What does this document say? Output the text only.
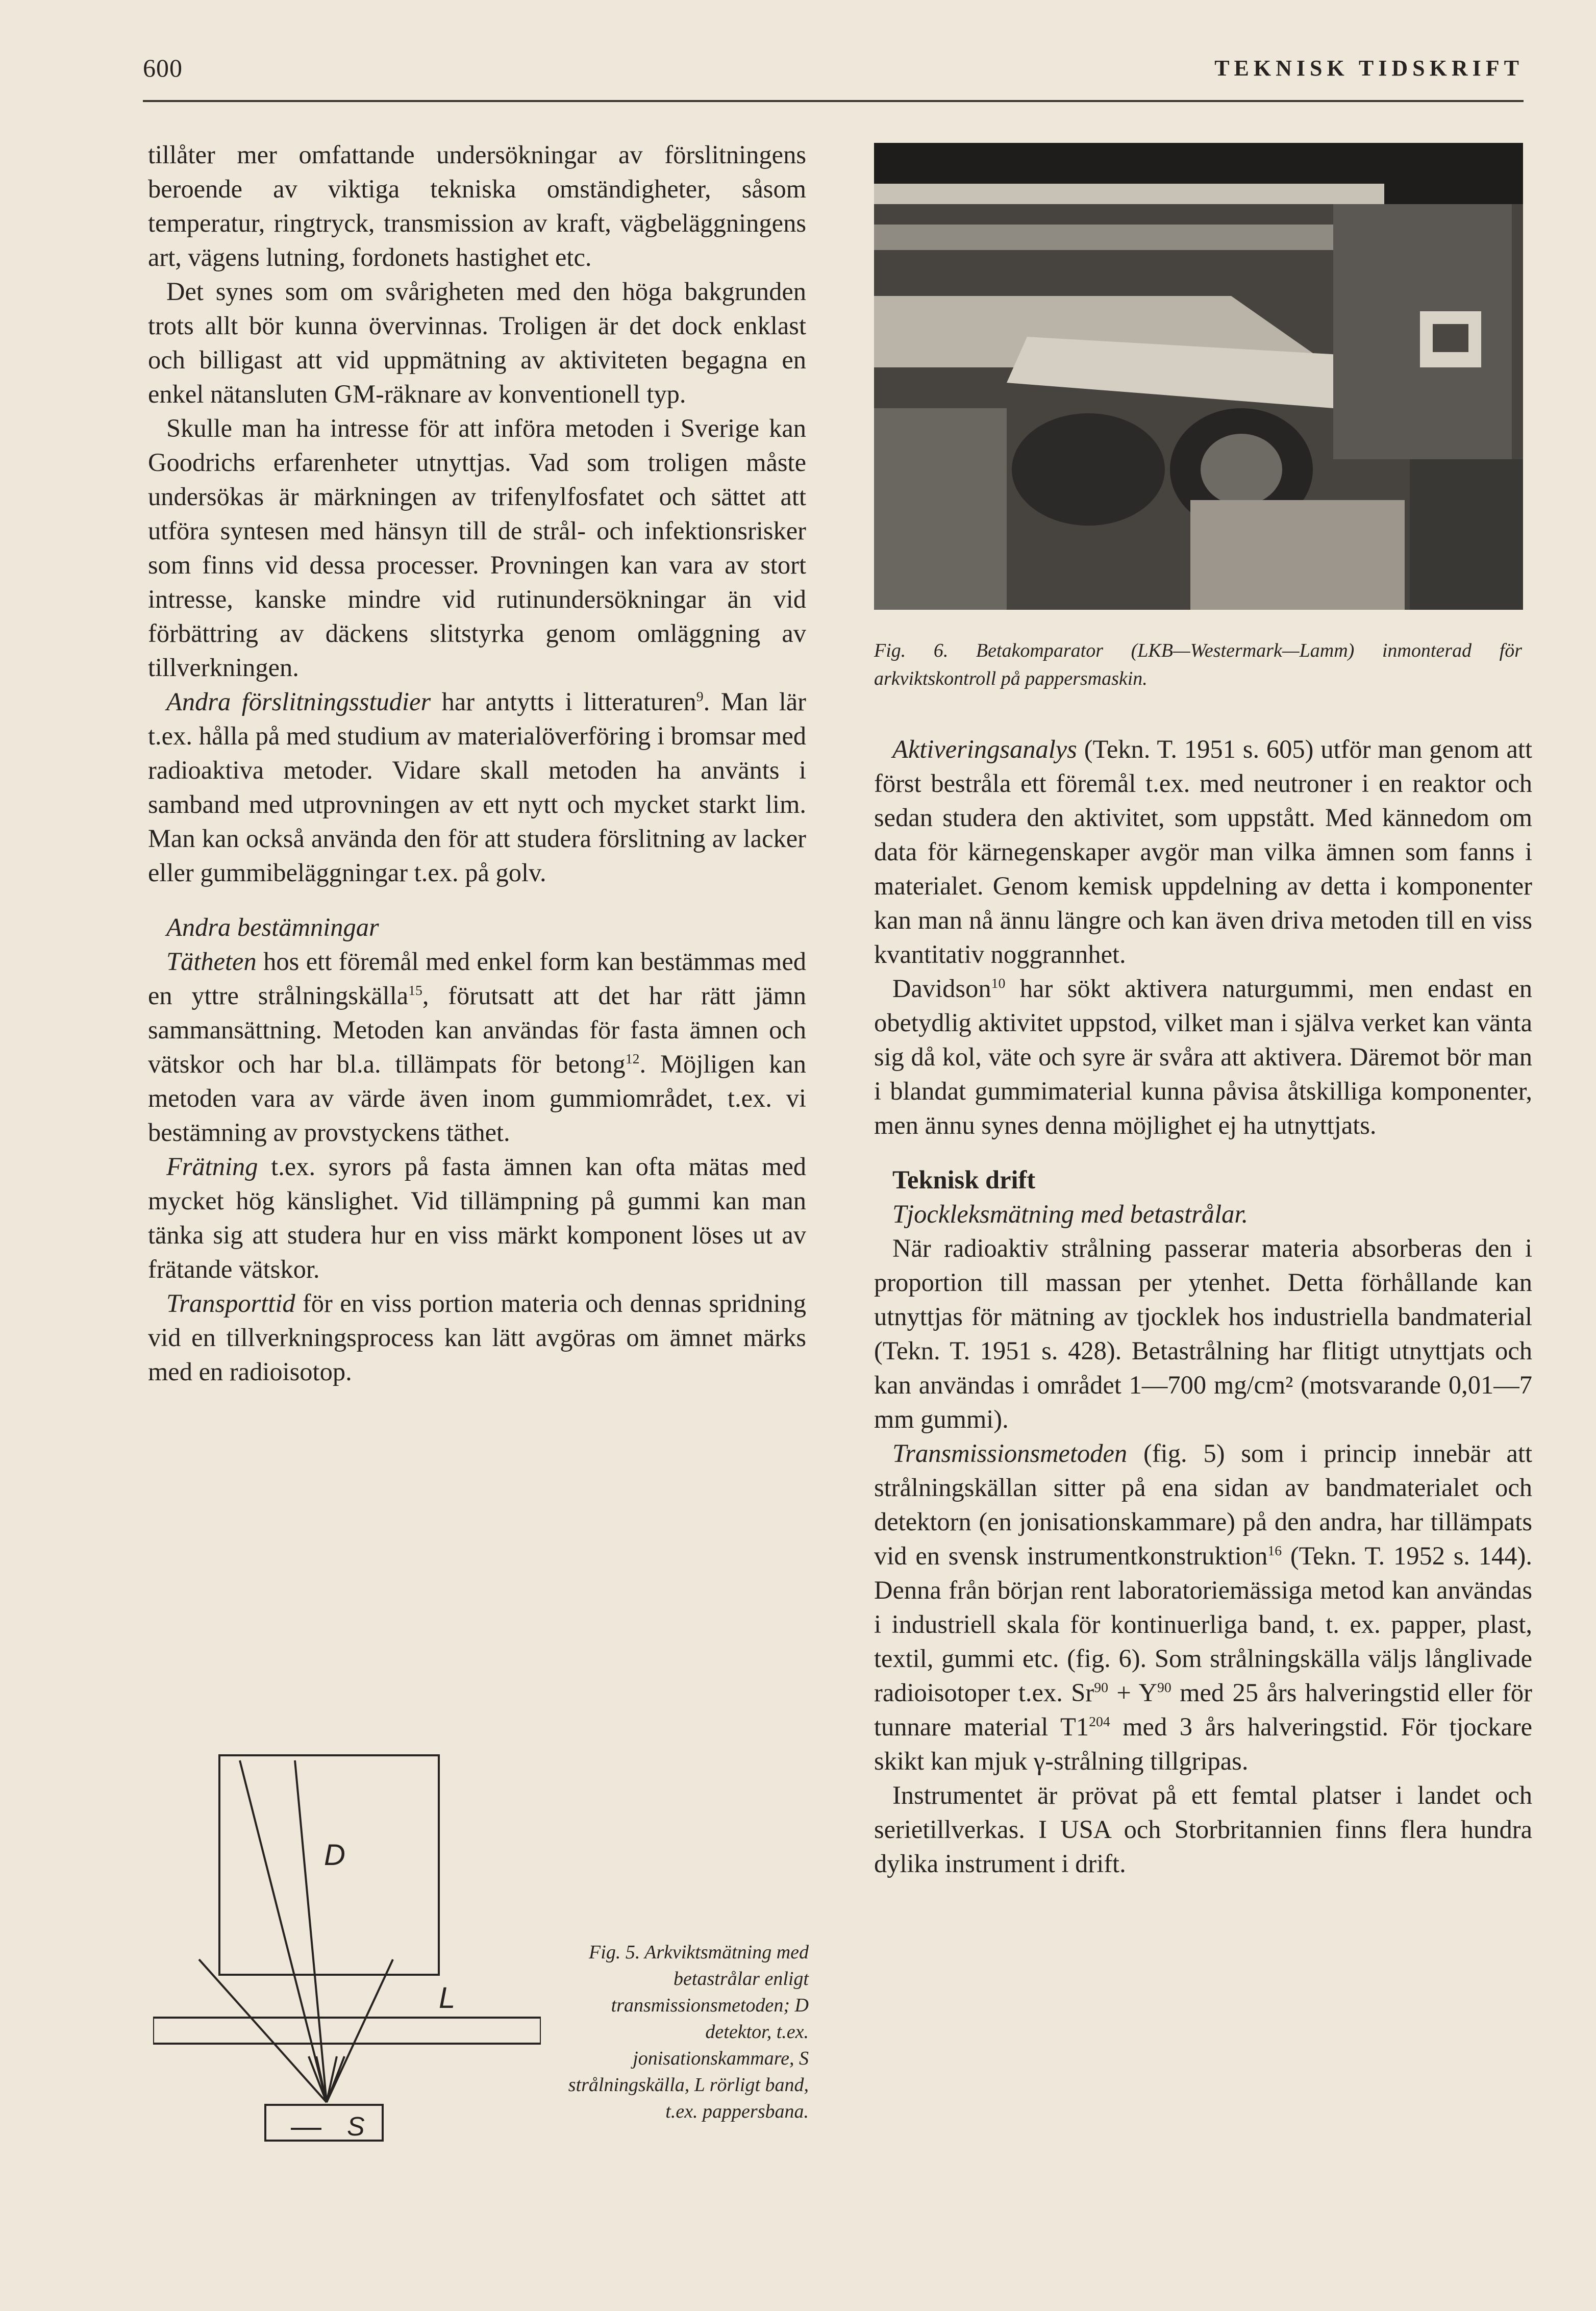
600	TEKNISK TIDSKRIFT

tillåter mer omfattande undersökningar av förslitningens beroende av viktiga tekniska omständigheter, såsom temperatur, ringtryck, transmission av kraft, vägbeläggningens art, vägens lutning, fordonets hastighet etc.

Det synes som om svårigheten med den höga bakgrunden trots allt bör kunna övervinnas. Troligen är det dock enklast och billigast att vid uppmätning av aktiviteten begagna en enkel nätansluten GM-räknare av konventionell typ.

Skulle man ha intresse för att införa metoden i Sverige kan Goodrichs erfarenheter utnyttjas. Vad som troligen måste undersökas är märkningen av trifenylfosfatet och sättet att utföra syntesen med hänsyn till de strål- och infektionsrisker som finns vid dessa processer. Provningen kan vara av stort intresse, kanske mindre vid rutinundersökningar än vid förbättring av däckens slitstyrka genom omläggning av tillverkningen.

Andra förslitningsstudier har antytts i litteraturen$^9$. Man lär t.ex. hålla på med studium av materialöverföring i bromsar med radioaktiva metoder. Vidare skall metoden ha använts i samband med utprovningen av ett nytt och mycket starkt lim. Man kan också använda den för att studera förslitning av lacker eller gummibeläggningar t.ex. på golv.

Andra bestämningar

Tätheten hos ett föremål med enkel form kan bestämmas med en yttre strålningskälla$^{15}$, förutsatt att det har rätt jämn sammansättning. Metoden kan användas för fasta ämnen och vätskor och har bl.a. tillämpats för betong$^{12}$. Möjligen kan metoden vara av värde även inom gummiområdet, t.ex. vi bestämning av provstyckens täthet.

Frätning t.ex. syrors på fasta ämnen kan ofta mätas med mycket hög känslighet. Vid tillämpning på gummi kan man tänka sig att studera hur en viss märkt komponent löses ut av frätande vätskor.

Transporttid för en viss portion materia och dennas spridning vid en tillverkningsprocess kan lätt avgöras om ämnet märks med en radioisotop.

D
L
S
Fig. 5. Arkviktsmätning med betastrålar enligt transmissionsmetoden; D detektor, t.ex. jonisationskammare, S strålningskälla, L rörligt band, t.ex. pappersbana.
Fig. 6. Betakomparator (LKB—Westermark—Lamm) inmonterad för arkviktskontroll på pappersmaskin.

Aktiveringsanalys (Tekn. T. 1951 s. 605) utför man genom att först bestråla ett föremål t.ex. med neutroner i en reaktor och sedan studera den aktivitet, som uppstått. Med kännedom om data för kärnegenskaper avgör man vilka ämnen som fanns i materialet. Genom kemisk uppdelning av detta i komponenter kan man nå ännu längre och kan även driva metoden till en viss kvantitativ noggrannhet.

Davidson$^{10}$ har sökt aktivera naturgummi, men endast en obetydlig aktivitet uppstod, vilket man i själva verket kan vänta sig då kol, väte och syre är svåra att aktivera. Däremot bör man i blandat gummimaterial kunna påvisa åtskilliga komponenter, men ännu synes denna möjlighet ej ha utnyttjats.

Teknisk drift

Tjockleksmätning med betastrålar.

När radioaktiv strålning passerar materia absorberas den i proportion till massan per ytenhet. Detta förhållande kan utnyttjas för mätning av tjocklek hos industriella bandmaterial (Tekn. T. 1951 s. 428). Betastrålning har flitigt utnyttjats och kan användas i området 1—700 mg/cm² (motsvarande 0,01—7 mm gummi).

Transmissionsmetoden (fig. 5) som i princip innebär att strålningskällan sitter på ena sidan av bandmaterialet och detektorn (en jonisationskammare) på den andra, har tillämpats vid en svensk instrumentkonstruktion$^{16}$ (Tekn. T. 1952 s. 144). Denna från början rent laboratoriemässiga metod kan användas i industriell skala för kontinuerliga band, t. ex. papper, plast, textil, gummi etc. (fig. 6). Som strålningskälla väljs långlivade radioisotoper t.ex. $Sr^{90} + Y^{90}$ med 25 års halveringstid eller för tunnare material $T1^{204}$ med 3 års halveringstid. För tjockare skikt kan mjuk γ-strålning tillgripas.

Instrumentet är prövat på ett femtal platser i landet och serietillverkas. I USA och Storbritannien finns flera hundra dylika instrument i drift.
